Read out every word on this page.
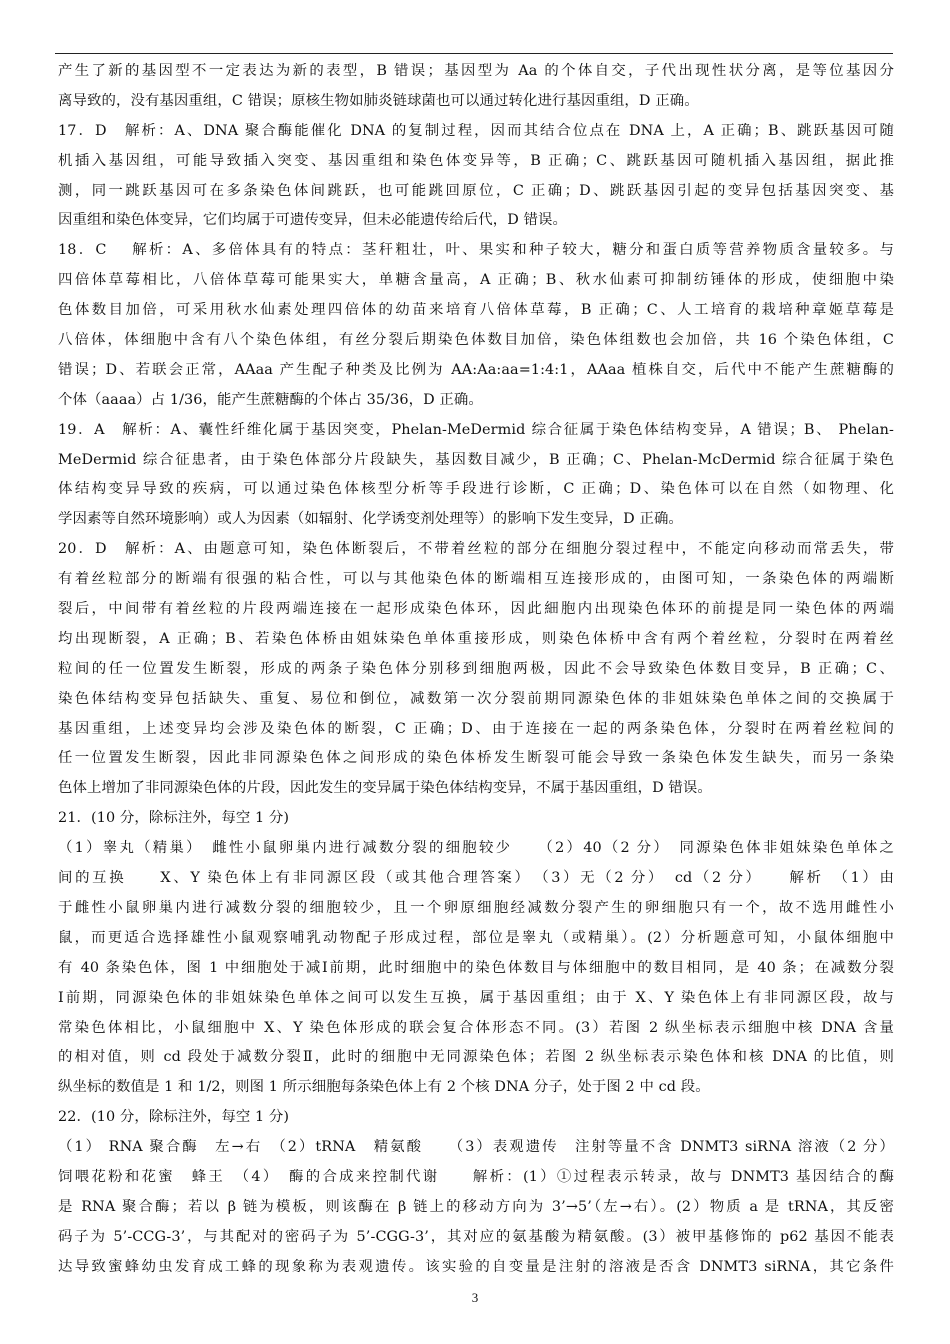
产生了新的基因型不一定表达为新的表型，B 错误；基因型为 Aa 的个体自交，子代出现性状分离，是等位基因分
离导致的，没有基因重组，C 错误；原核生物如肺炎链球菌也可以通过转化进行基因重组，D 正确。
17．D　解析：A、DNA 聚合酶能催化 DNA 的复制过程，因而其结合位点在 DNA 上，A 正确；B、跳跃基因可随
机插入基因组，可能导致插入突变、基因重组和染色体变异等，B 正确；C、跳跃基因可随机插入基因组，据此推
测，同一跳跃基因可在多条染色体间跳跃，也可能跳回原位，C 正确；D、跳跃基因引起的变异包括基因突变、基
因重组和染色体变异，它们均属于可遗传变异，但未必能遗传给后代，D 错误。
18．C　 解析：A、多倍体具有的特点：茎秆粗壮，叶、果实和种子较大，糖分和蛋白质等营养物质含量较多。与
四倍体草莓相比，八倍体草莓可能果实大，单糖含量高，A 正确；B、秋水仙素可抑制纺锤体的形成，使细胞中染
色体数目加倍，可采用秋水仙素处理四倍体的幼苗来培育八倍体草莓，B 正确；C、人工培育的栽培种章姬草莓是
八倍体，体细胞中含有八个染色体组，有丝分裂后期染色体数目加倍，染色体组数也会加倍，共 16 个染色体组，C
错误；D、若联会正常，AAaa 产生配子种类及比例为 AA:Aa:aa=1:4:1，AAaa 植株自交，后代中不能产生蔗糖酶的
个体（aaaa）占 1/36，能产生蔗糖酶的个体占 35/36，D 正确。
19．A　解析：A、囊性纤维化属于基因突变，Phelan-MeDermid 综合征属于染色体结构变异，A 错误；B、 Phelan-
MeDermid 综合征患者，由于染色体部分片段缺失，基因数目减少，B 正确；C、Phelan-McDermid 综合征属于染色
体结构变异导致的疾病，可以通过染色体核型分析等手段进行诊断，C 正确；D、染色体可以在自然（如物理、化
学因素等自然环境影响）或人为因素（如辐射、化学诱变剂处理等）的影响下发生变异，D 正确。
20．D　解析：A、由题意可知，染色体断裂后，不带着丝粒的部分在细胞分裂过程中，不能定向移动而常丢失，带
有着丝粒部分的断端有很强的粘合性，可以与其他染色体的断端相互连接形成的，由图可知，一条染色体的两端断
裂后，中间带有着丝粒的片段两端连接在一起形成染色体环，因此細胞内出现染色体环的前提是同一染色体的两端
均出现断裂，A 正确；B、若染色体桥由姐妹染色单体重接形成，则染色体桥中含有两个着丝粒，分裂时在两着丝
粒间的任一位置发生断裂，形成的两条子染色体分别移到细胞两极，因此不会导致染色体数目变异，B 正确；C、
染色体结构变异包括缺失、重复、易位和倒位，减数第一次分裂前期同源染色体的非姐妹染色单体之间的交换属于
基因重组，上述变异均会涉及染色体的断裂，C 正确；D、由于连接在一起的两条染色体，分裂时在两着丝粒间的
任一位置发生断裂，因此非同源染色体之间形成的染色体桥发生断裂可能会导致一条染色体发生缺失，而另一条染
色体上增加了非同源染色体的片段，因此发生的变异属于染色体结构变异，不属于基因重组，D 错误。
21．(10 分，除标注外，每空 1 分)
（1）睾丸（精巢）　雌性小鼠卵巢内进行减数分裂的细胞较少　　（2）40（2 分）　同源染色体非姐妹染色单体之
间的互换　　X、Y 染色体上有非同源区段（或其他合理答案）　（3）无（2 分）　cd（2 分）　　解析　（1）由
于雌性小鼠卵巢内进行减数分裂的细胞较少，且一个卵原细胞经减数分裂产生的卵细胞只有一个，故不选用雌性小
鼠，而更适合选择雄性小鼠观察哺乳动物配子形成过程，部位是睾丸（或精巢）。(2）分析题意可知，小鼠体细胞中
有 40 条染色体，图 1 中细胞处于减Ⅰ前期，此时细胞中的染色体数目与体细胞中的数目相同，是 40 条；在减数分裂
Ⅰ前期，同源染色体的非姐妹染色单体之间可以发生互换，属于基因重组；由于 X、Y 染色体上有非同源区段，故与
常染色体相比，小鼠细胞中 X、Y 染色体形成的联会复合体形态不同。(3）若图 2 纵坐标表示细胞中核 DNA 含量
的相对值，则 cd 段处于减数分裂Ⅱ，此时的细胞中无同源染色体；若图 2 纵坐标表示染色体和核 DNA 的比值，则
纵坐标的数值是 1 和 1/2，则图 1 所示细胞每条染色体上有 2 个核 DNA 分子，处于图 2 中 cd 段。
22．(10 分，除标注外，每空 1 分)
（1） RNA 聚合酶　左→右　（2）tRNA　精氨酸　　（3）表观遗传　注射等量不含 DNMT3 siRNA 溶液（2 分）
饲喂花粉和花蜜　蜂王　（4）　酶的合成来控制代谢　　解析：(1）①过程表示转录，故与 DNMT3 基因结合的酶
是 RNA 聚合酶；若以 β 链为模板，则该酶在 β 链上的移动方向为 3’→5’（左→右）。(2）物质 a 是 tRNA，其反密
码子为 5’-CCG-3’，与其配对的密码子为 5’-CGG-3’，其对应的氨基酸为精氨酸。(3）被甲基修饰的 p62 基因不能表
达导致蜜蜂幼虫发育成工蜂的现象称为表观遗传。该实验的自变量是注射的溶液是否含 DNMT3 siRNA，其它条件
3
